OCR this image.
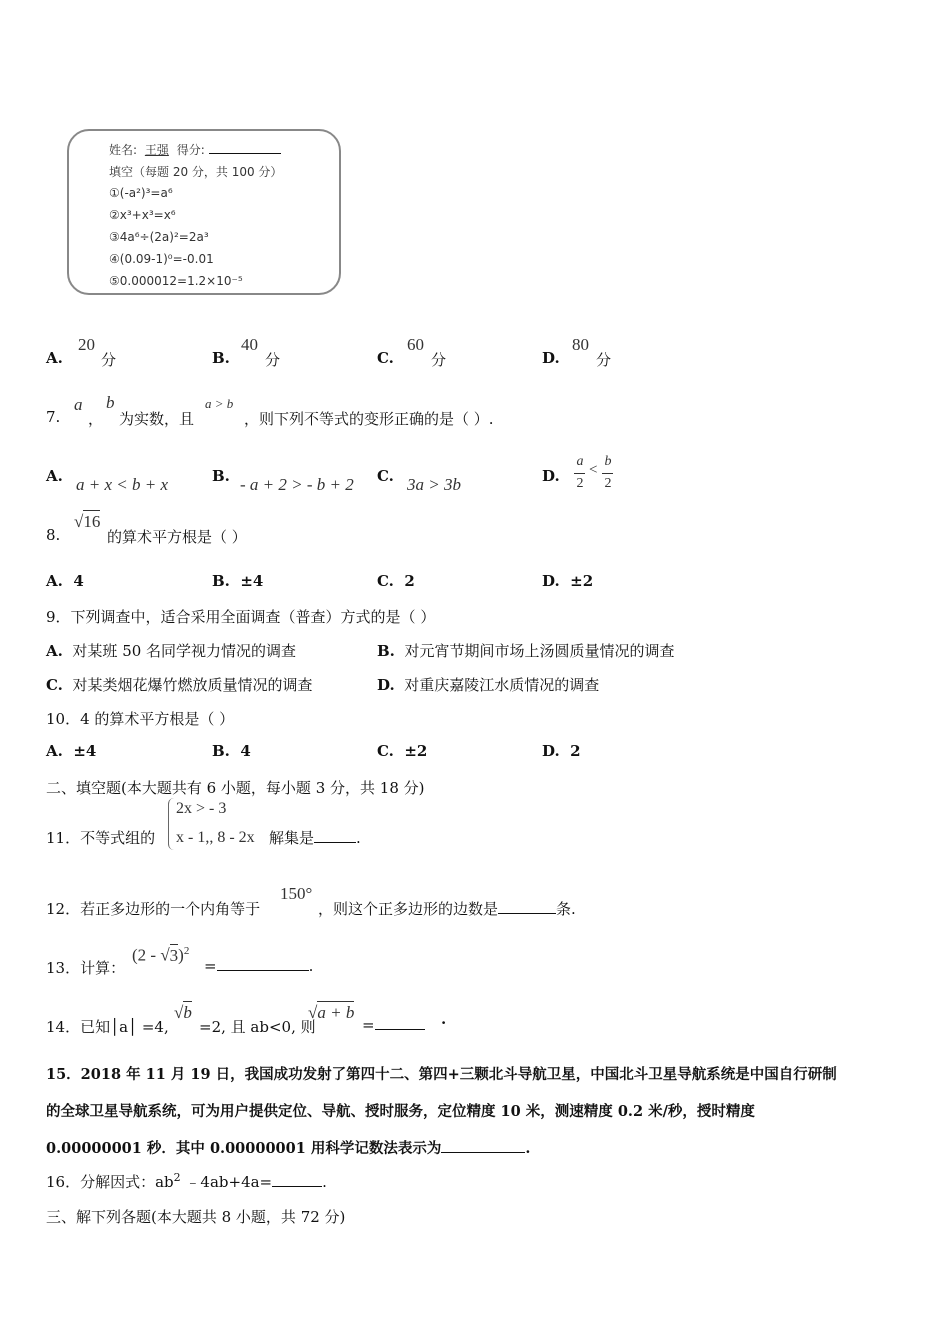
姓名: 王强 得分:
填空（每题 20 分，共 100 分）
①(-a²)³=a⁶
②x³+x³=x⁶
③4a⁶÷(2a)²=2a³
④(0.09-1)⁰=-0.01
⑤0.000012=1.2×10⁻⁵
A.
20
分	B.
40
分	C.
60
分	D.
80
分
7.
a
，
b
为实数，且
a > b
，则下列不等式的变形正确的是（ ）.
A. a + x < b + x	B. - a + 2 > - b + 2 C. 3a > 3b	D.
a
2
<
b
2
8.
√16
的算术平方根是（ ）
A. 4	B. ±4	C. 2	D. ±2
9．下列调查中，适合采用全面调查（普查）方式的是（ ）
A. 对某班 50 名同学视力情况的调查	B. 对元宵节期间市场上汤圆质量情况的调查
C. 对某类烟花爆竹燃放质量情况的调查	D. 对重庆嘉陵江水质情况的调查
10．4 的算术平方根是（ ）
A. ±4	B. 4	C. ±2	D. 2
二、填空题(本大题共有 6 小题，每小题 3 分，共 18 分)
11．不等式组的
2x > - 3
x - 1,, 8 - 2x 解集是	.
12．若正多边形的一个内角等于
150°
，则这个正多边形的边数是	条.
13．计算：
(2 - √3)$^2$
=	.
14．已知│a│ =4,
√b
=2, 且 ab<0, 则
√a + b
=	·
15．2018 年 11 月 19 日，我国成功发射了第四十二、第四+三颗北斗导航卫星，中国北斗卫星导航系统是中国自行研制
的全球卫星导航系统，可为用户提供定位、导航、授时服务，定位精度 10 米，测速精度 0.2 米/秒，授时精度
0.00000001 秒．其中 0.00000001 用科学记数法表示为	.
16．分解因式：$ab^2$ ﹣4ab+4a=	.
三、解下列各题(本大题共 8 小题，共 72 分)
